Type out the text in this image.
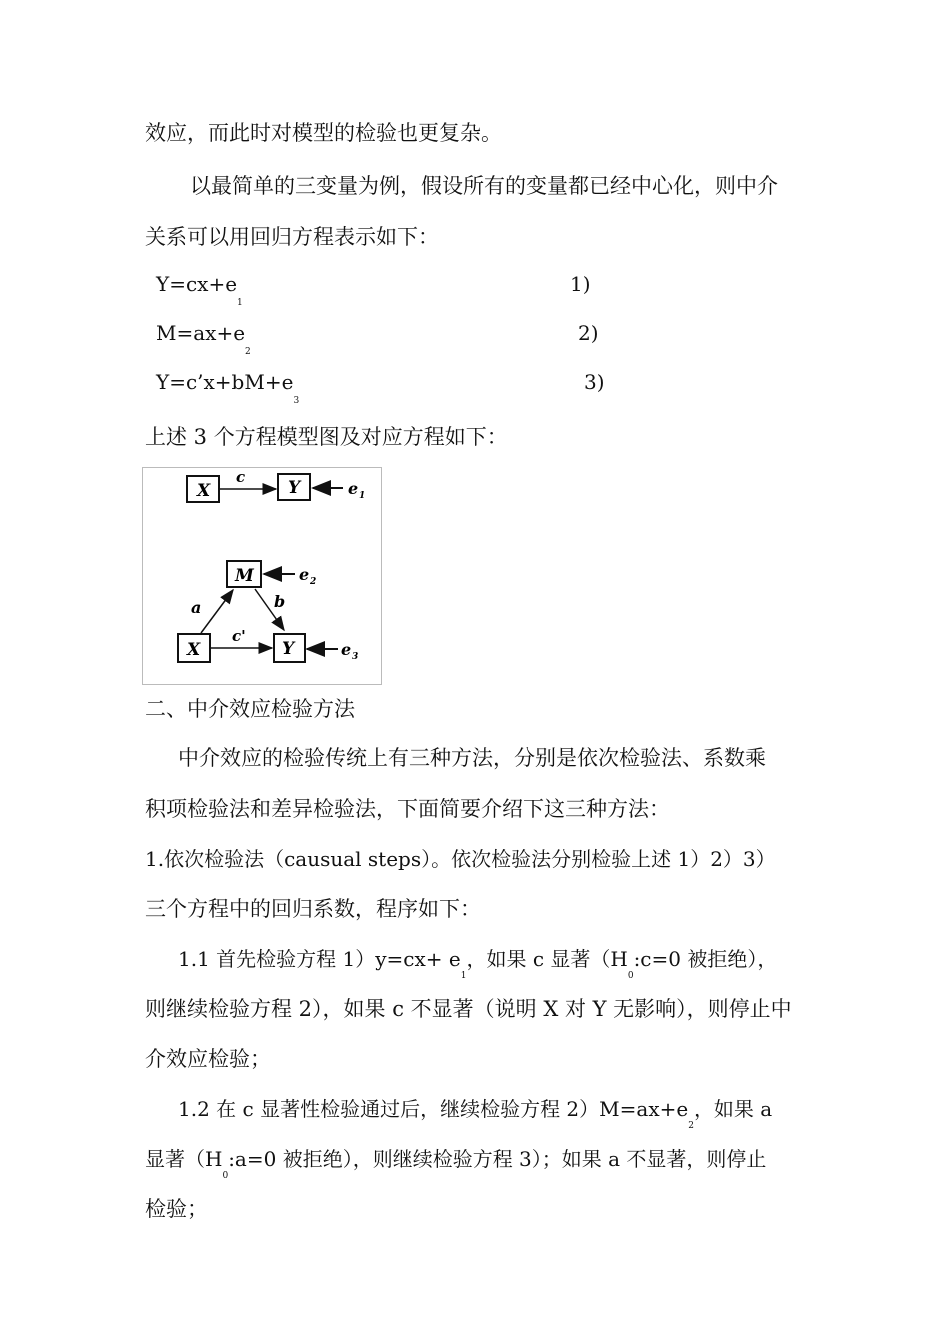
效应，而此时对模型的检验也更复杂。
以最简单的三变量为例，假设所有的变量都已经中心化，则中介
关系可以用回归方程表示如下：
$Y=cx+e_1$
1)
$M=ax+e_2$
2)
$Y=c’x+bM+e_3$
3)
上述 3 个方程模型图及对应方程如下：
X
c
Y	e 1
M	e 2
X
a	b
c'
Y	e 3
二、中介效应检验方法
中介效应的检验传统上有三种方法，分别是依次检验法、系数乘
积项检验法和差异检验法，下面简要介绍下这三种方法：
1.依次检验法（causual steps）。依次检验法分别检验上述 1）2）3）
三个方程中的回归系数，程序如下：
1.1 首先检验方程 $1)y=cx+ e_1$，如果 c 显著（$H_0:c=0$ 被拒绝），
则继续检验方程 2），如果 c 不显著（说明 X 对 Y 无影响），则停止中
介效应检验；
1.2 在 c 显著性检验通过后，继续检验方程 $2)M=ax+e_2$，如果 a
显著（$H_0:a=0$ 被拒绝），则继续检验方程 3）；如果 a 不显著，则停止
检验；
